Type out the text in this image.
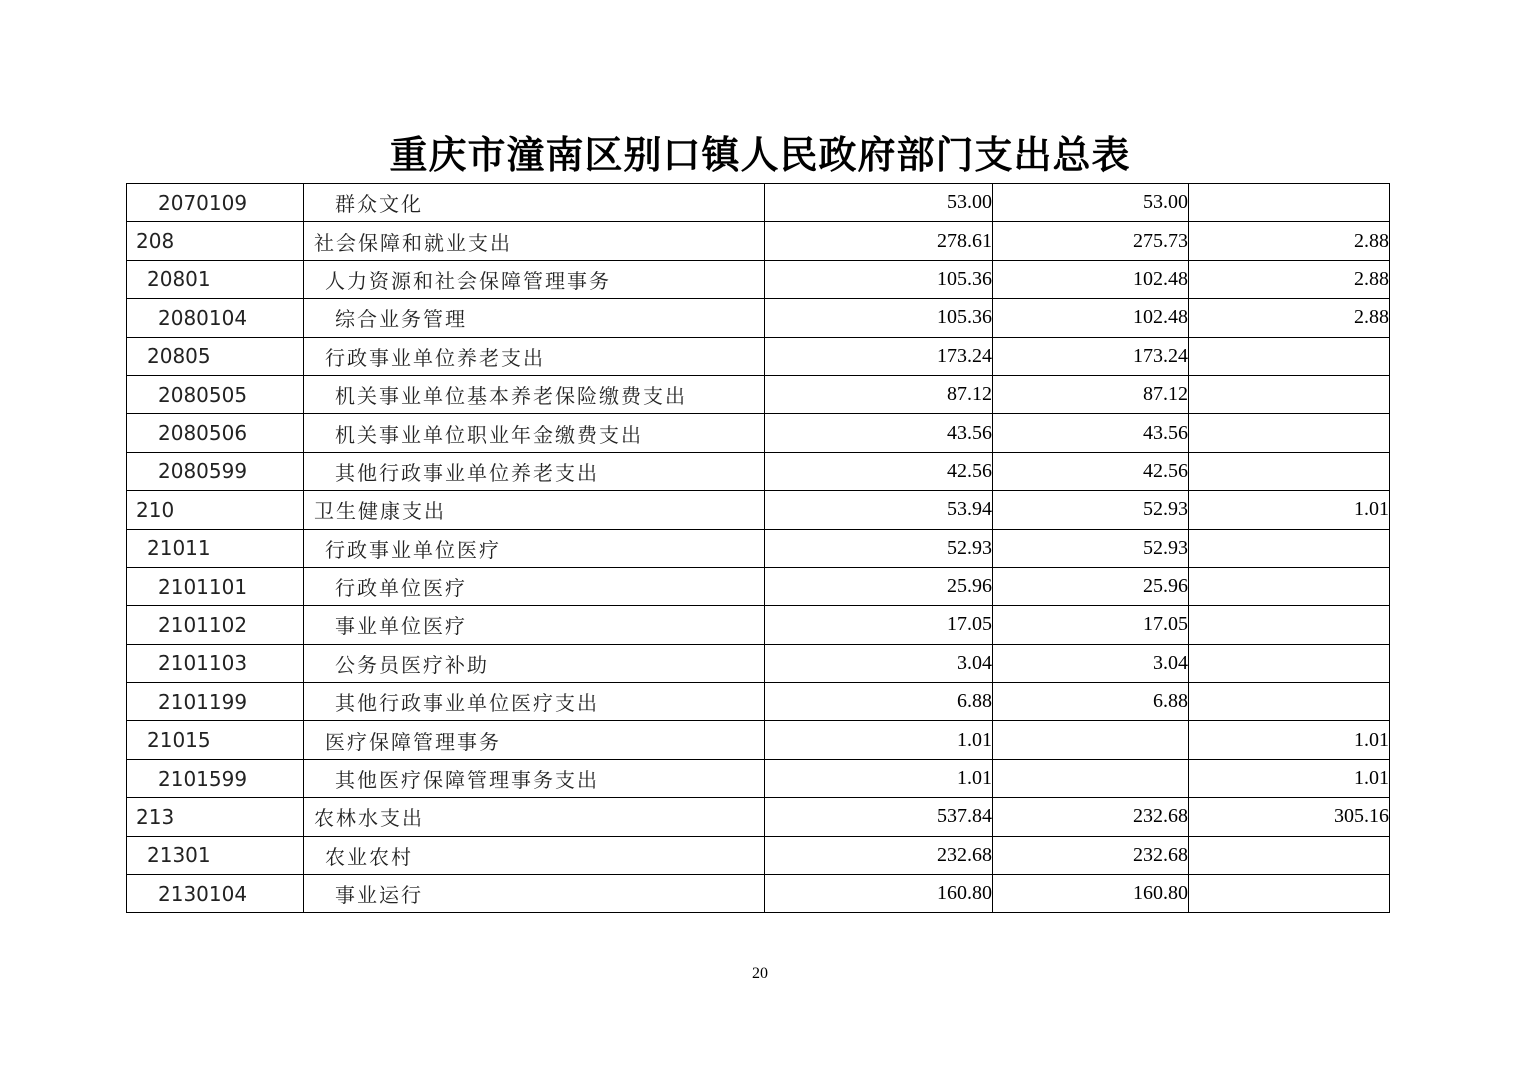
重庆市潼南区别口镇人民政府部门支出总表
2070109	群众文化	53.00	53.00	
208	社会保障和就业支出	278.61	275.73	2.88
20801	人力资源和社会保障管理事务	105.36	102.48	2.88
2080104	综合业务管理	105.36	102.48	2.88
20805	行政事业单位养老支出	173.24	173.24	
2080505	机关事业单位基本养老保险缴费支出	87.12	87.12	
2080506	机关事业单位职业年金缴费支出	43.56	43.56	
2080599	其他行政事业单位养老支出	42.56	42.56	
210	卫生健康支出	53.94	52.93	1.01
21011	行政事业单位医疗	52.93	52.93	
2101101	行政单位医疗	25.96	25.96	
2101102	事业单位医疗	17.05	17.05	
2101103	公务员医疗补助	3.04	3.04	
2101199	其他行政事业单位医疗支出	6.88	6.88	
21015	医疗保障管理事务	1.01		1.01
2101599	其他医疗保障管理事务支出	1.01		1.01
213	农林水支出	537.84	232.68	305.16
21301	农业农村	232.68	232.68	
2130104	事业运行	160.80	160.80	
20
